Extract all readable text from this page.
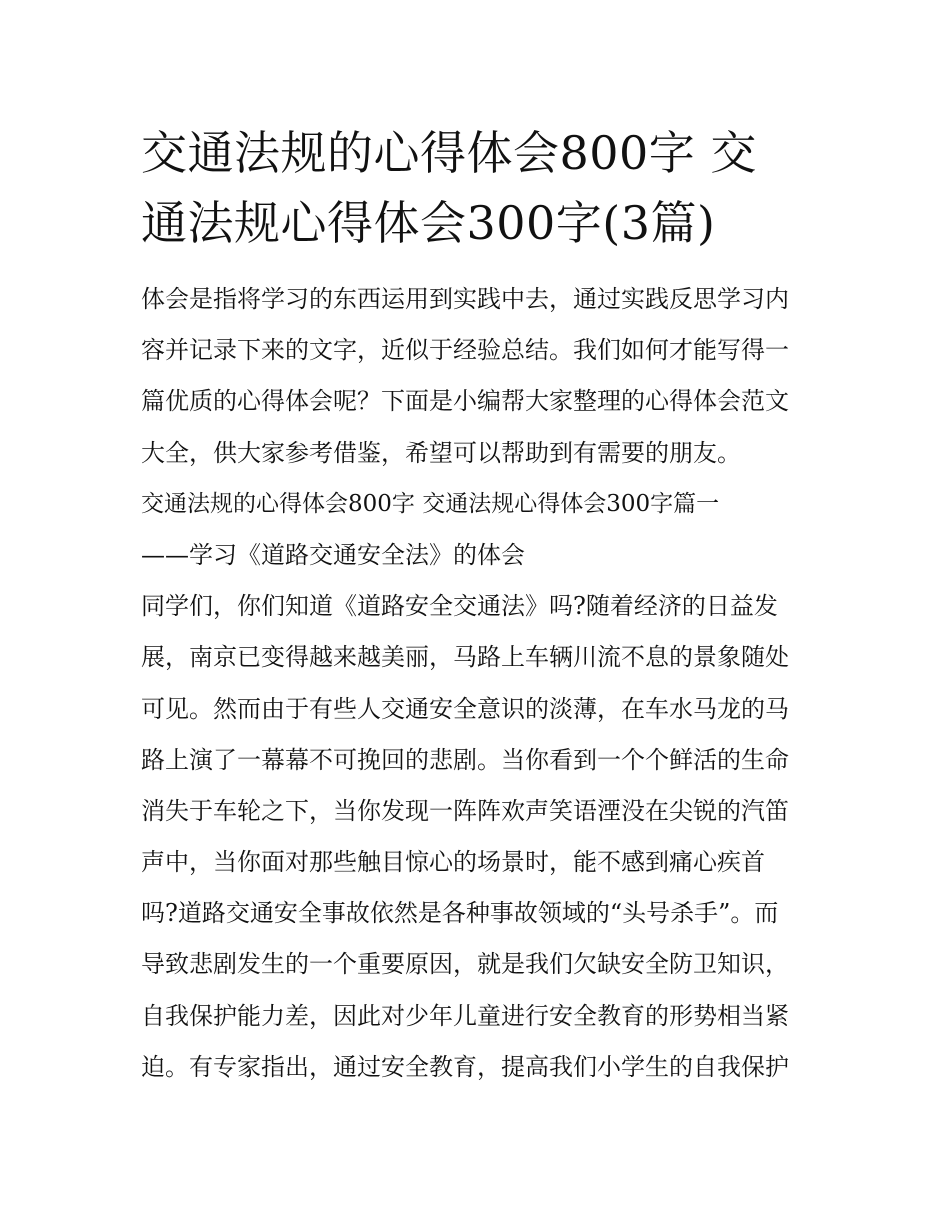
交通法规的心得体会800字 交
通法规心得体会300字(3篇)
体会是指将学习的东西运用到实践中去，通过实践反思学习内
容并记录下来的文字，近似于经验总结。我们如何才能写得一
篇优质的心得体会呢？下面是小编帮大家整理的心得体会范文
大全，供大家参考借鉴，希望可以帮助到有需要的朋友。
交通法规的心得体会800字 交通法规心得体会300字篇一
——学习《道路交通安全法》的体会
同学们，你们知道《道路安全交通法》吗?随着经济的日益发
展，南京已变得越来越美丽，马路上车辆川流不息的景象随处
可见。然而由于有些人交通安全意识的淡薄，在车水马龙的马
路上演了一幕幕不可挽回的悲剧。当你看到一个个鲜活的生命
消失于车轮之下，当你发现一阵阵欢声笑语湮没在尖锐的汽笛
声中，当你面对那些触目惊心的场景时，能不感到痛心疾首
吗?道路交通安全事故依然是各种事故领域的“头号杀手”。而
导致悲剧发生的一个重要原因，就是我们欠缺安全防卫知识，
自我保护能力差，因此对少年儿童进行安全教育的形势相当紧
迫。有专家指出，通过安全教育，提高我们小学生的自我保护
